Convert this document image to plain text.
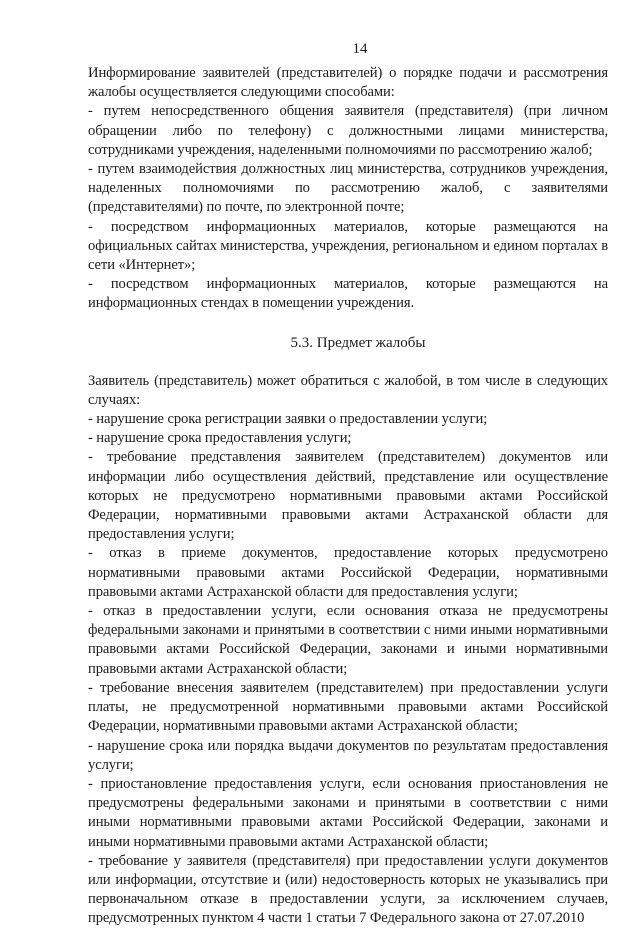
14

Информирование заявителей (представителей) о порядке подачи и рассмотрения жалобы осуществляется следующими способами:

- путем непосредственного общения заявителя (представителя) (при личном обращении либо по телефону) с должностными лицами министерства, сотрудниками учреждения, наделенными полномочиями по рассмотрению жалоб;

- путем взаимодействия должностных лиц министерства, сотрудников учреждения, наделенных полномочиями по рассмотрению жалоб, с заявителями (представителями) по почте, по электронной почте;

- посредством информационных материалов, которые размещаются на официальных сайтах министерства, учреждения, региональном и едином порталах в сети «Интернет»;

- посредством информационных материалов, которые размещаются на информационных стендах в помещении учреждения.

5.3. Предмет жалобы

Заявитель (представитель) может обратиться с жалобой, в том числе в следующих случаях:

- нарушение срока регистрации заявки о предоставлении услуги;

- нарушение срока предоставления услуги;

- требование представления заявителем (представителем) документов или информации либо осуществления действий, представление или осуществление которых не предусмотрено нормативными правовыми актами Российской Федерации, нормативными правовыми актами Астраханской области для предоставления услуги;

- отказ в приеме документов, предоставление которых предусмотрено нормативными правовыми актами Российской Федерации, нормативными правовыми актами Астраханской области для предоставления услуги;

- отказ в предоставлении услуги, если основания отказа не предусмотрены федеральными законами и принятыми в соответствии с ними иными нормативными правовыми актами Российской Федерации, законами и иными нормативными правовыми актами Астраханской области;

- требование внесения заявителем (представителем) при предоставлении услуги платы, не предусмотренной нормативными правовыми актами Российской Федерации, нормативными правовыми актами Астраханской области;

- нарушение срока или порядка выдачи документов по результатам предоставления услуги;

- приостановление предоставления услуги, если основания приостановления не предусмотрены федеральными законами и принятыми в соответствии с ними иными нормативными правовыми актами Российской Федерации, законами и иными нормативными правовыми актами Астраханской области;

- требование у заявителя (представителя) при предоставлении услуги документов или информации, отсутствие и (или) недостоверность которых не указывались при первоначальном отказе в предоставлении услуги, за исключением случаев, предусмотренных пунктом 4 части 1 статьи 7 Федерального закона от 27.07.2010
